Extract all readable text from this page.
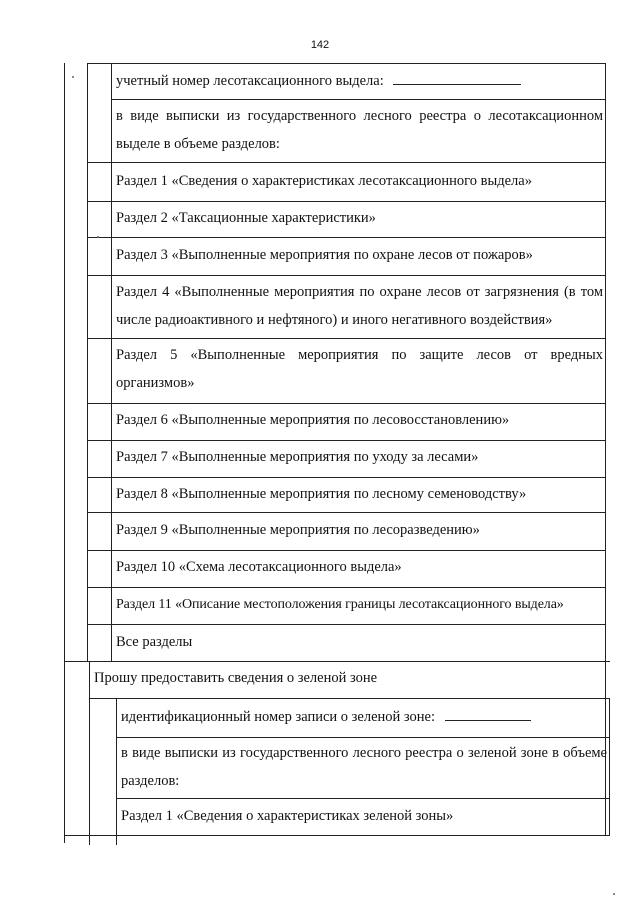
142
учетный номер лесотаксационного выдела:
в виде выписки из государственного лесного реестра о лесотаксационном выделе в объеме разделов:
Раздел 1 «Сведения о характеристиках лесотаксационного выдела»
Раздел 2 «Таксационные характеристики»
Раздел 3 «Выполненные мероприятия по охране лесов от пожаров»
Раздел 4 «Выполненные мероприятия по охране лесов от загрязнения (в том числе радиоактивного и нефтяного) и иного негативного воздействия»
Раздел 5 «Выполненные мероприятия по защите лесов от вредных организмов»
Раздел 6 «Выполненные мероприятия по лесовосстановлению»
Раздел 7 «Выполненные мероприятия по уходу за лесами»
Раздел 8 «Выполненные мероприятия по лесному семеноводству»
Раздел 9 «Выполненные мероприятия по лесоразведению»
Раздел 10 «Схема лесотаксационного выдела»
Раздел 11 «Описание местоположения границы лесотаксационного выдела»
Все разделы
Прошу предоставить сведения о зеленой зоне
идентификационный номер записи о зеленой зоне:
в виде выписки из государственного лесного реестра о зеленой зоне в объеме разделов:
Раздел 1 «Сведения о характеристиках зеленой зоны»
